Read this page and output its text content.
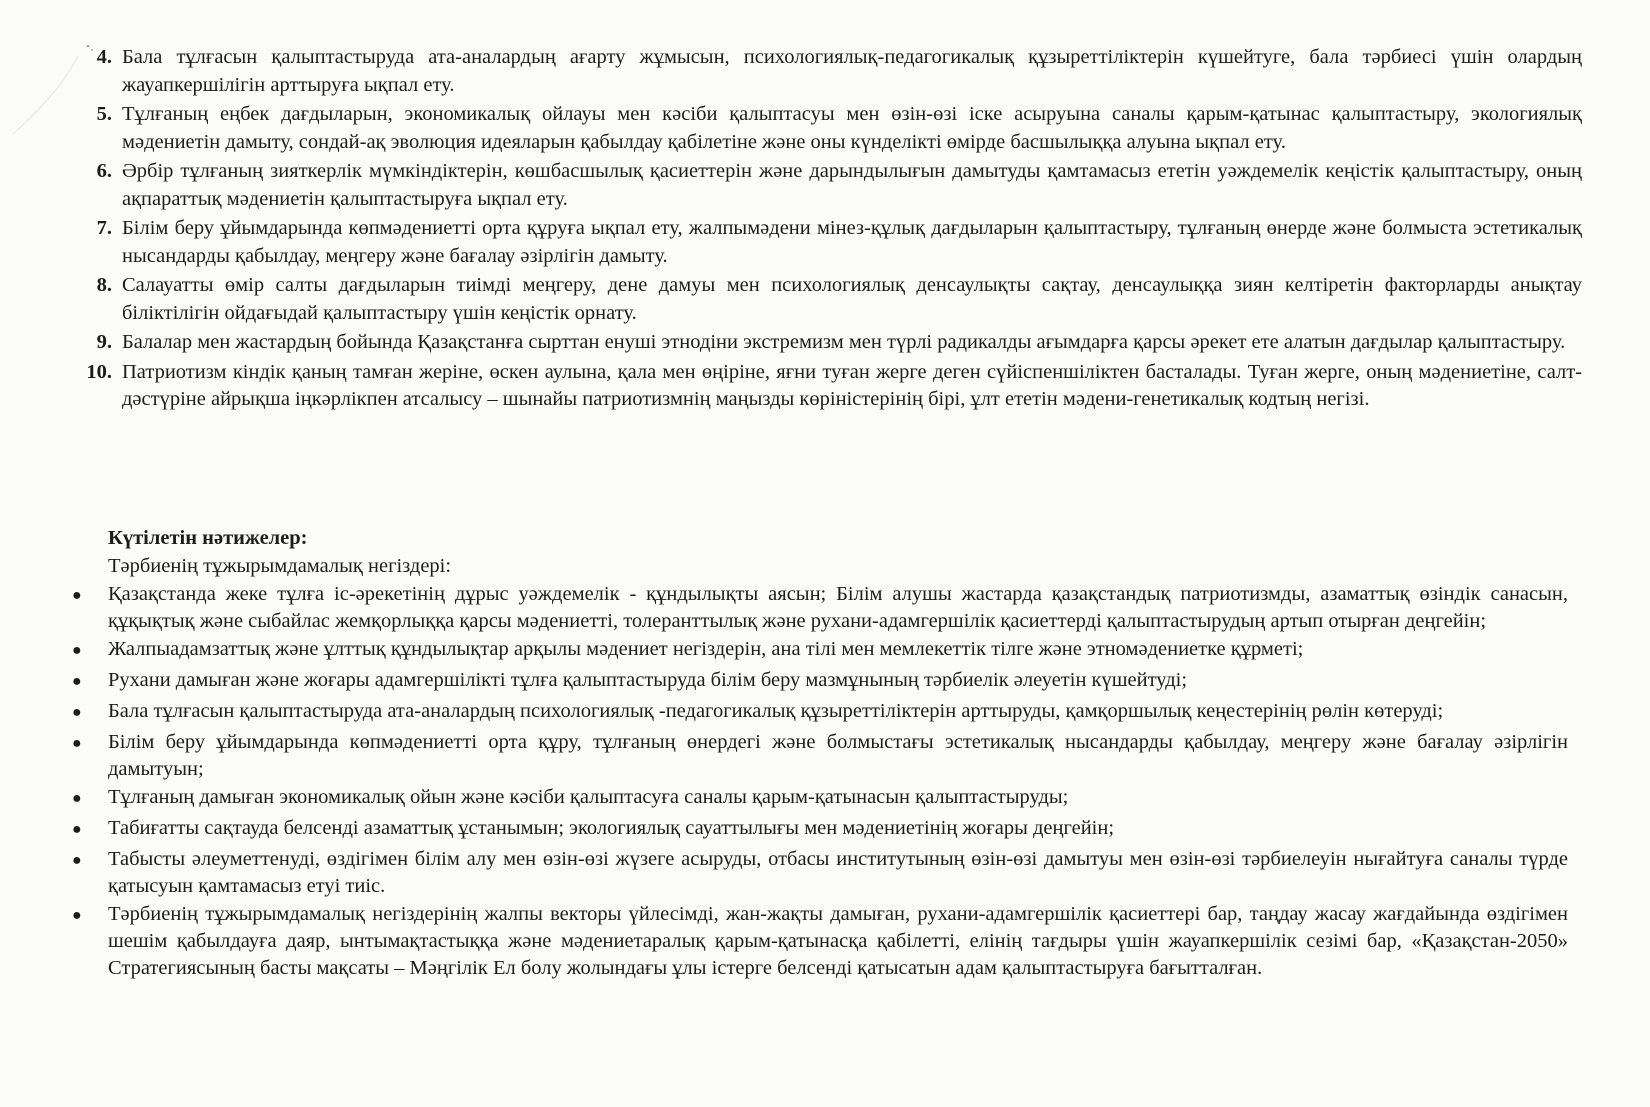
4. Бала тұлғасын қалыптастыруда ата-аналардың ағарту жұмысын, психологиялық-педагогикалық құзыреттіліктерін күшейтуге, бала тәрбиесі үшін олардың жауапкершілігін арттыруға ықпал ету.
5. Тұлғаның еңбек дағдыларын, экономикалық ойлауы мен кәсіби қалыптасуы мен өзін-өзі іске асыруына саналы қарым-қатынас қалыптастыру, экологиялық мәдениетін дамыту, сондай-ақ эволюция идеяларын қабылдау қабілетіне және оны күнделікті өмірде басшылыққа алуына ықпал ету.
6. Әрбір тұлғаның зияткерлік мүмкіндіктерін, көшбасшылық қасиеттерін және дарындылығын дамытуды қамтамасыз ететін уәждемелік кеңістік қалыптастыру, оның ақпараттық мәдениетін қалыптастыруға ықпал ету.
7. Білім беру ұйымдарында көпмәдениетті орта құруға ықпал ету, жалпымәдени мінез-құлық дағдыларын қалыптастыру, тұлғаның өнерде және болмыста эстетикалық нысандарды қабылдау, меңгеру және бағалау әзірлігін дамыту.
8. Салауатты өмір салты дағдыларын тиімді меңгеру, дене дамуы мен психологиялық денсаулықты сақтау, денсаулыққа зиян келтіретін факторларды анықтау біліктілігін ойдағыдай қалыптастыру үшін кеңістік орнату.
9. Балалар мен жастардың бойында Қазақстанға сырттан енуші этнодіни экстремизм мен түрлі радикалды ағымдарға қарсы әрекет ете алатын дағдылар қалыптастыру.
10. Патриотизм кіндік қаның тамған жеріне, өскен аулына, қала мен өңіріне, яғни туған жерге деген сүйіспеншіліктен басталады. Туған жерге, оның мәдениетіне, салт-дәстүріне айрықша іңкәрлікпен атсалысу – шынайы патриотизмнің маңызды көріністерінің бірі, ұлт ететін мәдени-генетикалық кодтың негізі.
Күтілетін нәтижелер:
Тәрбиенің тұжырымдамалық негіздері:
●	Қазақстанда жеке тұлға іс-әрекетінің дұрыс уәждемелік - құндылықты аясын; Білім алушы жастарда қазақстандық патриотизмды, азаматтық өзіндік санасын, құқықтық және сыбайлас жемқорлыққа қарсы мәдениетті, толеранттылық және рухани-адамгершілік қасиеттерді қалыптастырудың артып отырған деңгейін;
●	Жалпыадамзаттық және ұлттық құндылықтар арқылы мәдениет негіздерін, ана тілі мен мемлекеттік тілге және этномәдениетке құрметі;
●	Рухани дамыған және жоғары адамгершілікті тұлға қалыптастыруда білім беру мазмұнының тәрбиелік әлеуетін күшейтуді;
●	Бала тұлғасын қалыптастыруда ата-аналардың психологиялық -педагогикалық құзыреттіліктерін арттыруды, қамқоршылық кеңестерінің рөлін көтеруді;
●	Білім беру ұйымдарында көпмәдениетті орта құру, тұлғаның өнердегі және болмыстағы эстетикалық нысандарды қабылдау, меңгеру және бағалау әзірлігін дамытуын;
●	Тұлғаның дамыған экономикалық ойын және кәсіби қалыптасуға саналы қарым-қатынасын қалыптастыруды;
●	Табиғатты сақтауда белсенді азаматтық ұстанымын; экологиялық сауаттылығы мен мәдениетінің жоғары деңгейін;
●	Табысты әлеуметтенуді, өздігімен білім алу мен өзін-өзі жүзеге асыруды, отбасы институтының өзін-өзі дамытуы мен өзін-өзі тәрбиелеуін нығайтуға саналы түрде қатысуын қамтамасыз етуі тиіс.
●	Тәрбиенің тұжырымдамалық негіздерінің жалпы векторы үйлесімді, жан-жақты дамыған, рухани-адамгершілік қасиеттері бар, таңдау жасау жағдайында өздігімен шешім қабылдауға даяр, ынтымақтастыққа және мәдениетаралық қарым-қатынасқа қабілетті, елінің тағдыры үшін жауапкершілік сезімі бар, «Қазақстан-2050» Стратегиясының басты мақсаты – Мәңгілік Ел болу жолындағы ұлы істерге белсенді қатысатын адам қалыптастыруға бағытталған.
